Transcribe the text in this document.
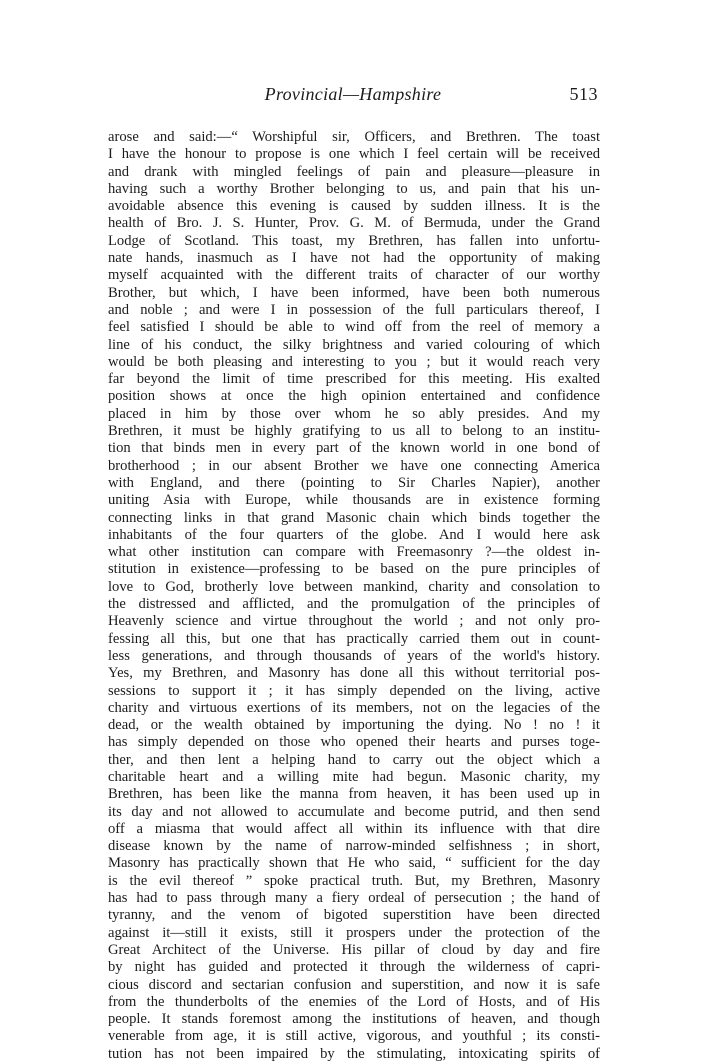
Provincial—Hampshire	513
arose and said:—“ Worshipful sir, Officers, and Brethren. The toast
I have the honour to propose is one which I feel certain will be received
and drank with mingled feelings of pain and pleasure—pleasure in
having such a worthy Brother belonging to us, and pain that his un-
avoidable absence this evening is caused by sudden illness. It is the
health of Bro. J. S. Hunter, Prov. G. M. of Bermuda, under the Grand
Lodge of Scotland. This toast, my Brethren, has fallen into unfortu-
nate hands, inasmuch as I have not had the opportunity of making
myself acquainted with the different traits of character of our worthy
Brother, but which, I have been informed, have been both numerous
and noble ; and were I in possession of the full particulars thereof, I
feel satisfied I should be able to wind off from the reel of memory a
line of his conduct, the silky brightness and varied colouring of which
would be both pleasing and interesting to you ; but it would reach very
far beyond the limit of time prescribed for this meeting. His exalted
position shows at once the high opinion entertained and confidence
placed in him by those over whom he so ably presides. And my
Brethren, it must be highly gratifying to us all to belong to an institu-
tion that binds men in every part of the known world in one bond of
brotherhood ; in our absent Brother we have one connecting America
with England, and there (pointing to Sir Charles Napier), another
uniting Asia with Europe, while thousands are in existence forming
connecting links in that grand Masonic chain which binds together the
inhabitants of the four quarters of the globe. And I would here ask
what other institution can compare with Freemasonry ?—the oldest in-
stitution in existence—professing to be based on the pure principles of
love to God, brotherly love between mankind, charity and consolation to
the distressed and afflicted, and the promulgation of the principles of
Heavenly science and virtue throughout the world ; and not only pro-
fessing all this, but one that has practically carried them out in count-
less generations, and through thousands of years of the world's history.
Yes, my Brethren, and Masonry has done all this without territorial pos-
sessions to support it ; it has simply depended on the living, active
charity and virtuous exertions of its members, not on the legacies of the
dead, or the wealth obtained by importuning the dying. No ! no ! it
has simply depended on those who opened their hearts and purses toge-
ther, and then lent a helping hand to carry out the object which a
charitable heart and a willing mite had begun. Masonic charity, my
Brethren, has been like the manna from heaven, it has been used up in
its day and not allowed to accumulate and become putrid, and then send
off a miasma that would affect all within its influence with that dire
disease known by the name of narrow-minded selfishness ; in short,
Masonry has practically shown that He who said, “ sufficient for the day
is the evil thereof ” spoke practical truth. But, my Brethren, Masonry
has had to pass through many a fiery ordeal of persecution ; the hand of
tyranny, and the venom of bigoted superstition have been directed
against it—still it exists, still it prospers under the protection of the
Great Architect of the Universe. His pillar of cloud by day and fire
by night has guided and protected it through the wilderness of capri-
cious discord and sectarian confusion and superstition, and now it is safe
from the thunderbolts of the enemies of the Lord of Hosts, and of His
people. It stands foremost among the institutions of heaven, and though
venerable from age, it is still active, vigorous, and youthful ; its consti-
tution has not been impaired by the stimulating, intoxicating spirits of
